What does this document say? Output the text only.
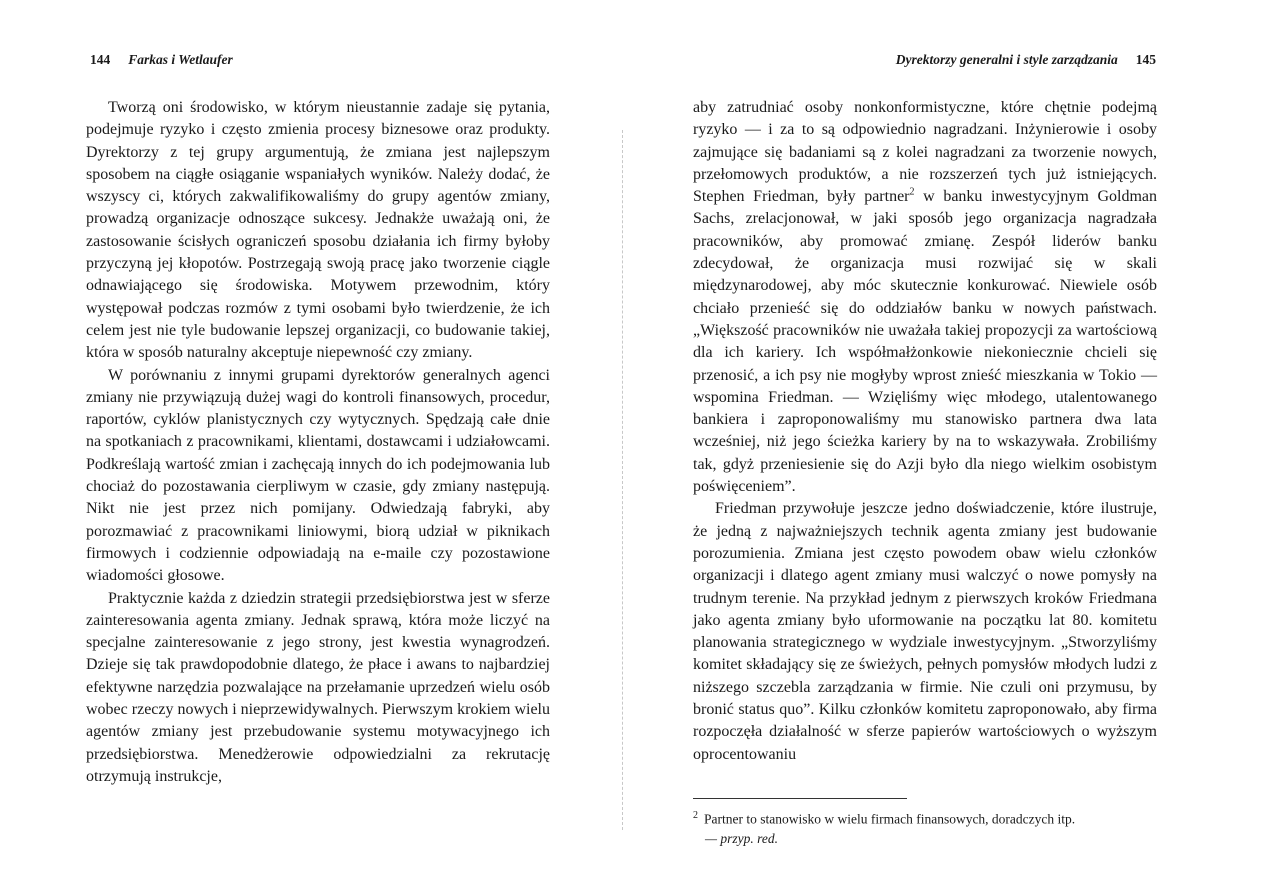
144 Farkas i Wetlaufer

Tworzą oni środowisko, w którym nieustannie zadaje się pytania, podejmuje ryzyko i często zmienia procesy biznesowe oraz produkty. Dyrektorzy z tej grupy argumentują, że zmiana jest najlepszym sposobem na ciągłe osiąganie wspaniałych wyników. Należy dodać, że wszyscy ci, których zakwalifikowaliśmy do grupy agentów zmiany, prowadzą organizacje odnoszące sukcesy. Jednakże uważają oni, że zastosowanie ścisłych ograniczeń sposobu działania ich firmy byłoby przyczyną jej kłopotów. Postrzegają swoją pracę jako tworzenie ciągle odnawiającego się środowiska. Motywem przewodnim, który występował podczas rozmów z tymi osobami było twierdzenie, że ich celem jest nie tyle budowanie lepszej organizacji, co budowanie takiej, która w sposób naturalny akceptuje niepewność czy zmiany.

W porównaniu z innymi grupami dyrektorów generalnych agenci zmiany nie przywiązują dużej wagi do kontroli finansowych, procedur, raportów, cyklów planistycznych czy wytycznych. Spędzają całe dnie na spotkaniach z pracownikami, klientami, dostawcami i udziałowcami. Podkreślają wartość zmian i zachęcają innych do ich podejmowania lub chociaż do pozostawania cierpliwym w czasie, gdy zmiany następują. Nikt nie jest przez nich pomijany. Odwiedzają fabryki, aby porozmawiać z pracownikami liniowymi, biorą udział w piknikach firmowych i codziennie odpowiadają na e-maile czy pozostawione wiadomości głosowe.

Praktycznie każda z dziedzin strategii przedsiębiorstwa jest w sferze zainteresowania agenta zmiany. Jednak sprawą, która może liczyć na specjalne zainteresowanie z jego strony, jest kwestia wynagrodzeń. Dzieje się tak prawdopodobnie dlatego, że płace i awans to najbardziej efektywne narzędzia pozwalające na przełamanie uprzedzeń wielu osób wobec rzeczy nowych i nieprzewidywalnych. Pierwszym krokiem wielu agentów zmiany jest przebudowanie systemu motywacyjnego ich przedsiębiorstwa. Menedżerowie odpowiedzialni za rekrutację otrzymują instrukcje,

Dyrektorzy generalni i style zarządzania 145

aby zatrudniać osoby nonkonformistyczne, które chętnie podejmą ryzyko — i za to są odpowiednio nagradzani. Inżynierowie i osoby zajmujące się badaniami są z kolei nagradzani za tworzenie nowych, przełomowych produktów, a nie rozszerzeń tych już istniejących. Stephen Friedman, były partner$^2$ w banku inwestycyjnym Goldman Sachs, zrelacjonował, w jaki sposób jego organizacja nagradzała pracowników, aby promować zmianę. Zespół liderów banku zdecydował, że organizacja musi rozwijać się w skali międzynarodowej, aby móc skutecznie konkurować. Niewiele osób chciało przenieść się do oddziałów banku w nowych państwach. „Większość pracowników nie uważała takiej propozycji za wartościową dla ich kariery. Ich współmałżonkowie niekoniecznie chcieli się przenosić, a ich psy nie mogłyby wprost znieść mieszkania w Tokio — wspomina Friedman. — Wzięliśmy więc młodego, utalentowanego bankiera i zaproponowaliśmy mu stanowisko partnera dwa lata wcześniej, niż jego ścieżka kariery by na to wskazywała. Zrobiliśmy tak, gdyż przeniesienie się do Azji było dla niego wielkim osobistym poświęceniem”.

Friedman przywołuje jeszcze jedno doświadczenie, które ilustruje, że jedną z najważniejszych technik agenta zmiany jest budowanie porozumienia. Zmiana jest często powodem obaw wielu członków organizacji i dlatego agent zmiany musi walczyć o nowe pomysły na trudnym terenie. Na przykład jednym z pierwszych kroków Friedmana jako agenta zmiany było uformowanie na początku lat 80. komitetu planowania strategicznego w wydziale inwestycyjnym. „Stworzyliśmy komitet składający się ze świeżych, pełnych pomysłów młodych ludzi z niższego szczebla zarządzania w firmie. Nie czuli oni przymusu, by bronić status quo”. Kilku członków komitetu zaproponowało, aby firma rozpoczęła działalność w sferze papierów wartościowych o wyższym oprocentowaniu

$^2$ Partner to stanowisko w wielu firmach finansowych, doradczych itp.
— przyp. red.
